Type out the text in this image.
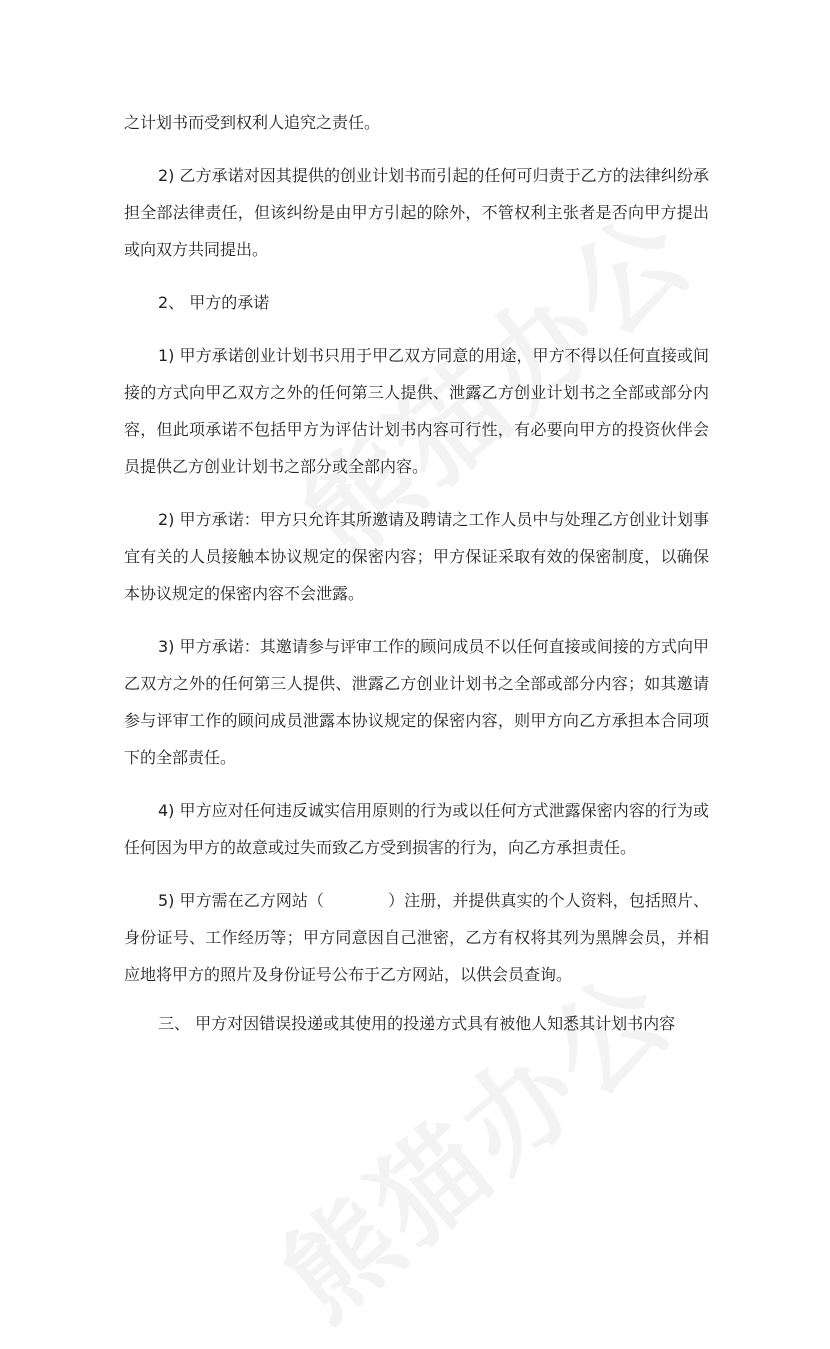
之计划书而受到权利人追究之责任。

2) 乙方承诺对因其提供的创业计划书而引起的任何可归责于乙方的法律纠纷承担全部法律责任，但该纠纷是由甲方引起的除外，不管权利主张者是否向甲方提出或向双方共同提出。

2、 甲方的承诺

1) 甲方承诺创业计划书只用于甲乙双方同意的用途，甲方不得以任何直接或间接的方式向甲乙双方之外的任何第三人提供、泄露乙方创业计划书之全部或部分内容，但此项承诺不包括甲方为评估计划书内容可行性，有必要向甲方的投资伙伴会员提供乙方创业计划书之部分或全部内容。

2) 甲方承诺：甲方只允许其所邀请及聘请之工作人员中与处理乙方创业计划事宜有关的人员接触本协议规定的保密内容；甲方保证采取有效的保密制度，以确保本协议规定的保密内容不会泄露。

3) 甲方承诺：其邀请参与评审工作的顾问成员不以任何直接或间接的方式向甲乙双方之外的任何第三人提供、泄露乙方创业计划书之全部或部分内容；如其邀请参与评审工作的顾问成员泄露本协议规定的保密内容，则甲方向乙方承担本合同项下的全部责任。

4) 甲方应对任何违反诚实信用原则的行为或以任何方式泄露保密内容的行为或任何因为甲方的故意或过失而致乙方受到损害的行为，向乙方承担责任。

5) 甲方需在乙方网站（　　　　）注册，并提供真实的个人资料，包括照片、身份证号、工作经历等；甲方同意因自己泄密，乙方有权将其列为黑牌会员，并相应地将甲方的照片及身份证号公布于乙方网站，以供会员查询。

三、 甲方对因错误投递或其使用的投递方式具有被他人知悉其计划书内容
